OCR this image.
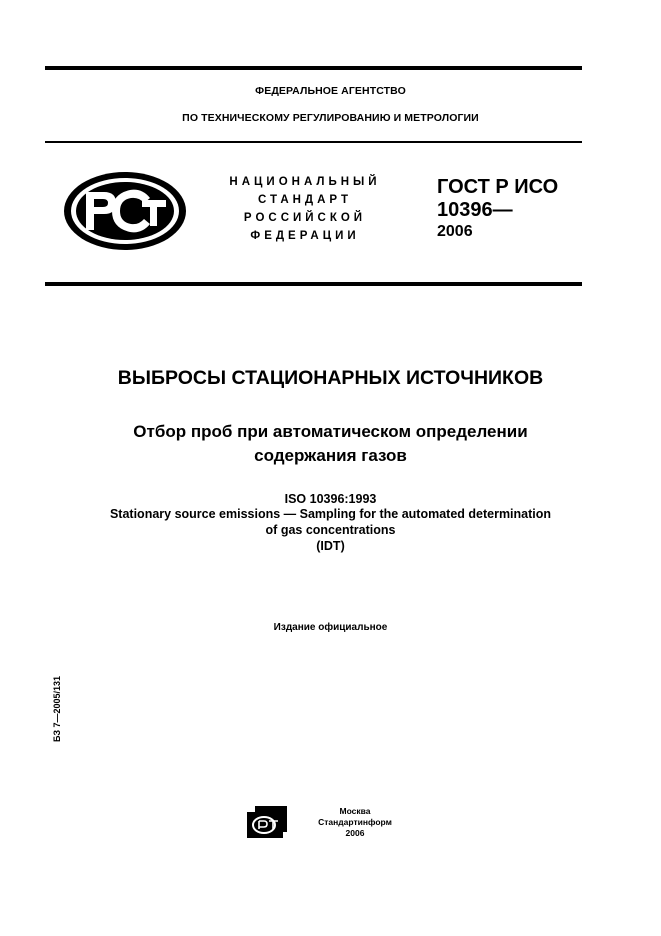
ФЕДЕРАЛЬНОЕ АГЕНТСТВО
ПО ТЕХНИЧЕСКОМУ РЕГУЛИРОВАНИЮ И МЕТРОЛОГИИ
НАЦИОНАЛЬНЫЙ
СТАНДАРТ
РОССИЙСКОЙ
ФЕДЕРАЦИИ
ГОСТ Р ИСО
10396—
2006
ВЫБРОСЫ СТАЦИОНАРНЫХ ИСТОЧНИКОВ
Отбор проб при автоматическом определении
содержания газов
ISO 10396:1993
Stationary source emissions — Sampling for the automated determination
of gas concentrations
(IDT)
Издание официальное
БЗ 7—2005/131
Москва
Стандартинформ
2006
